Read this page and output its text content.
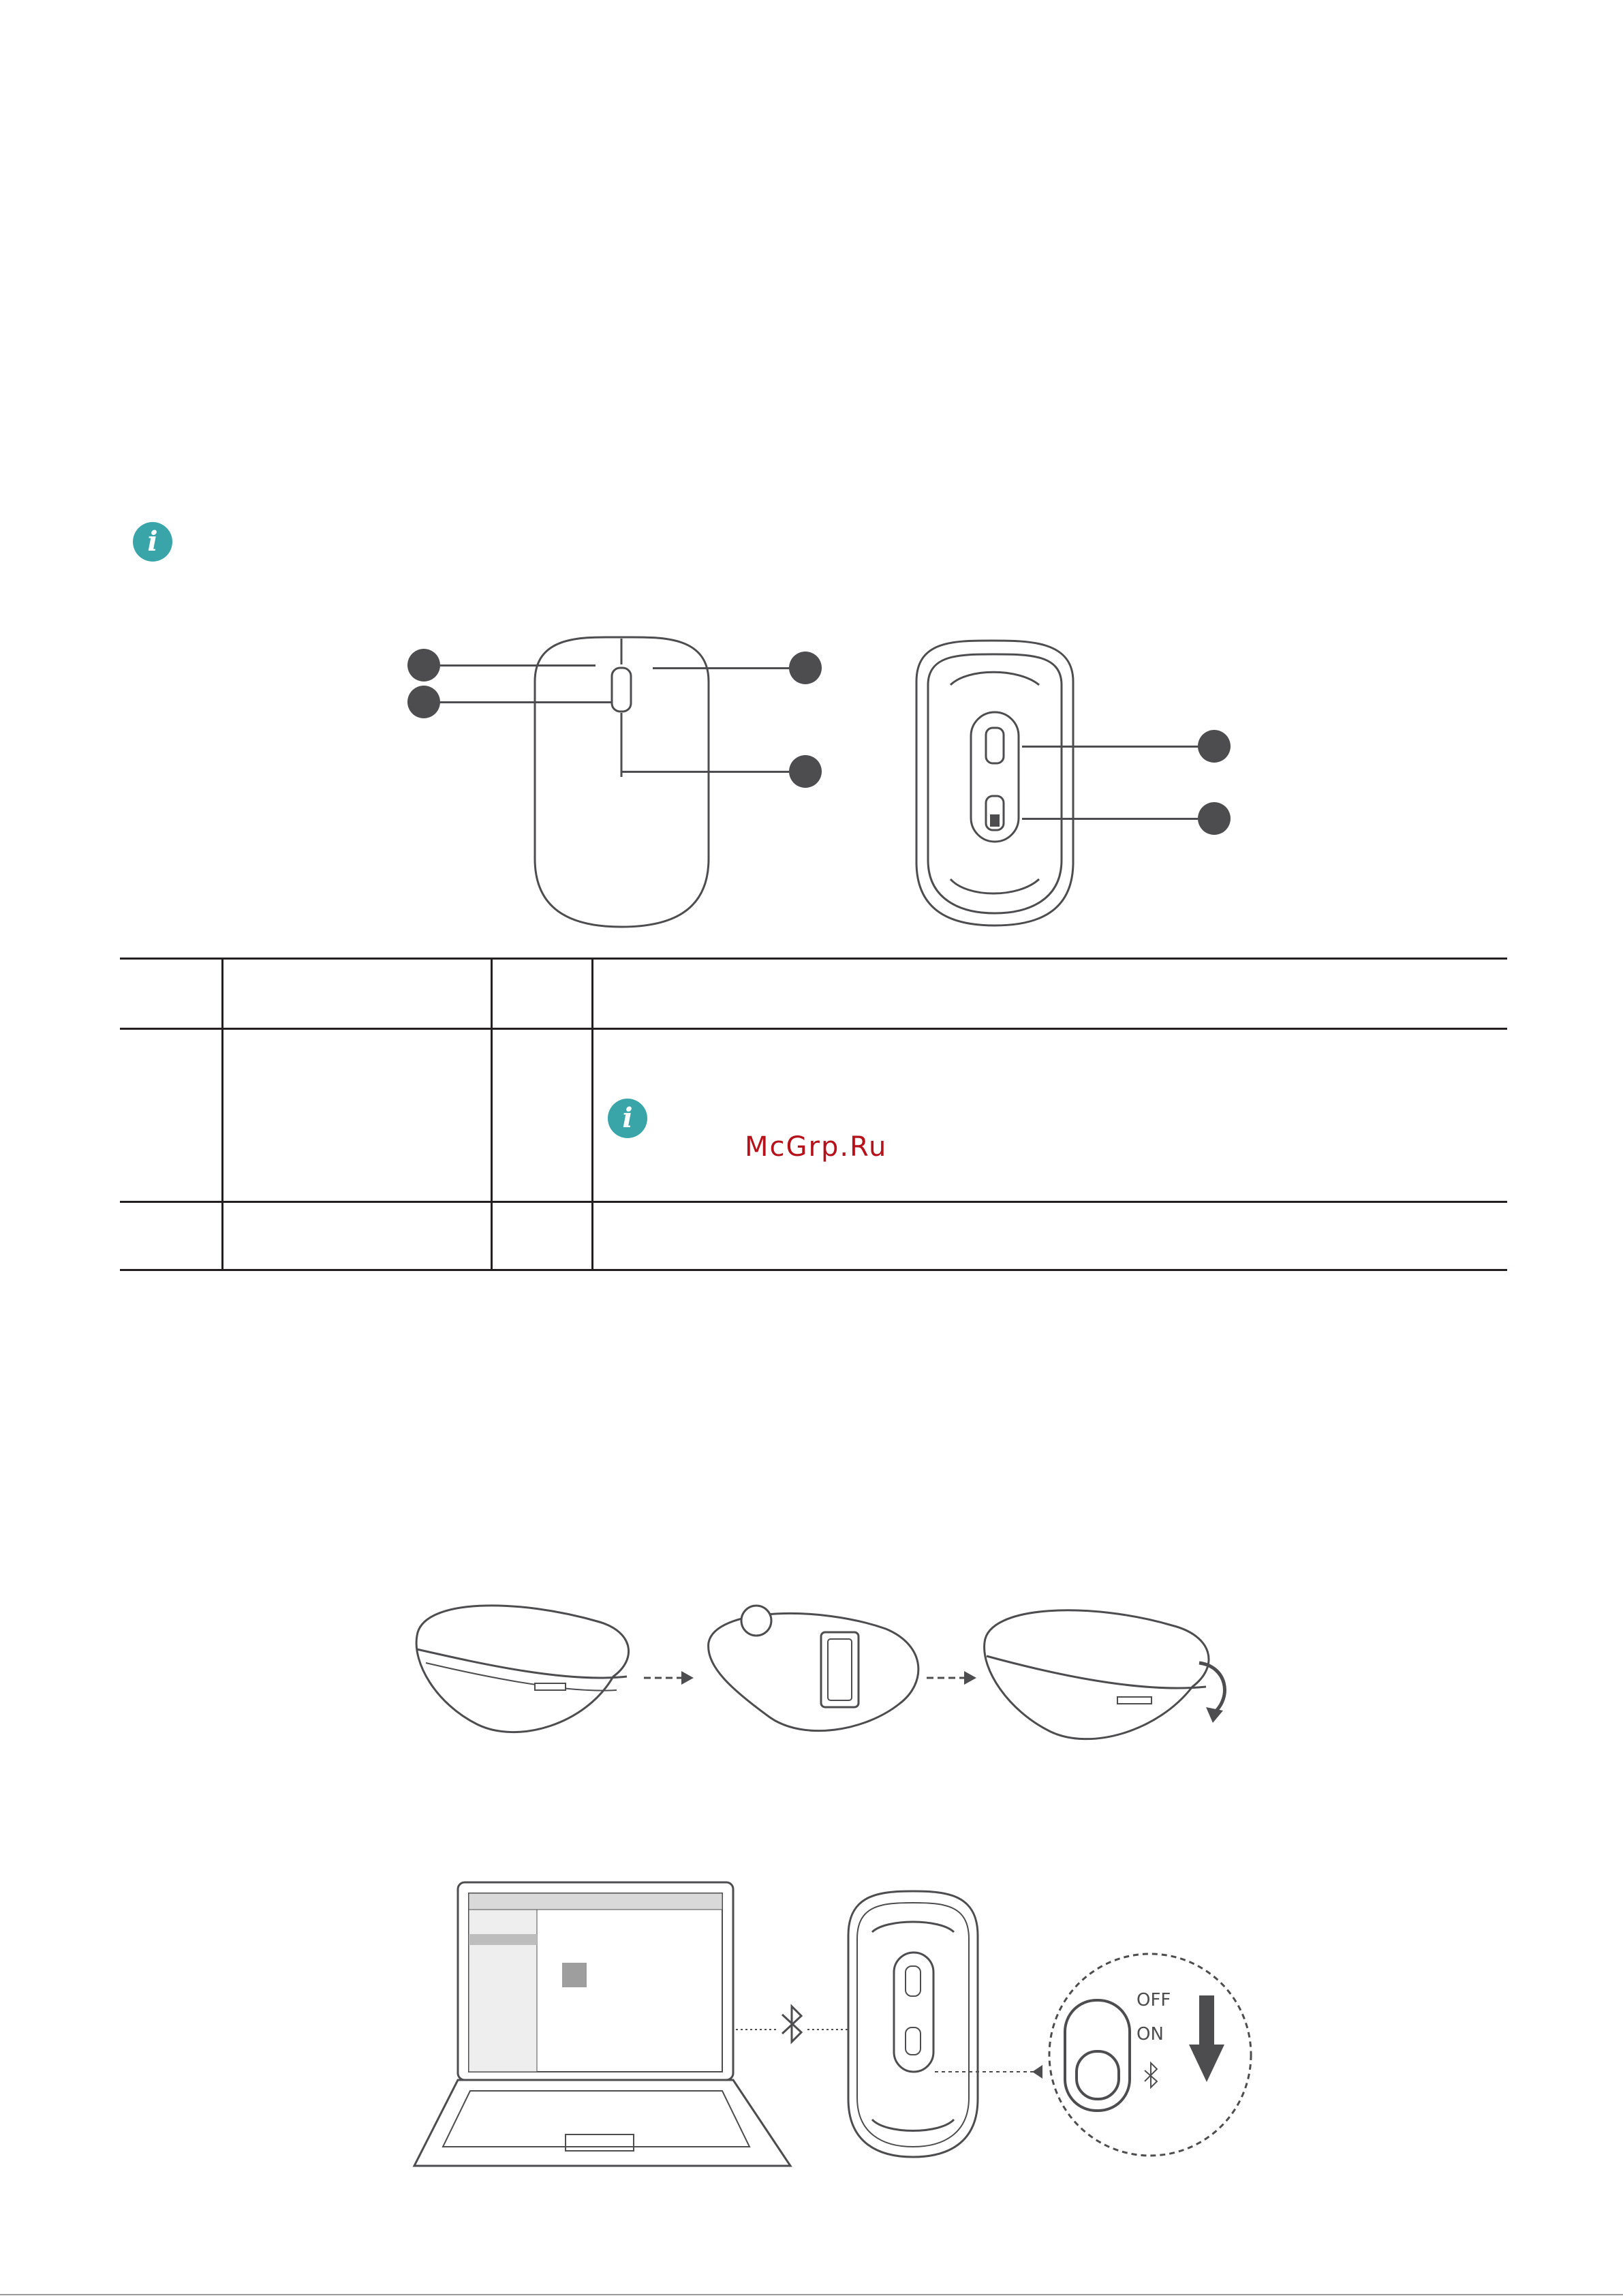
i
i
McGrp.Ru
OFF
ON
